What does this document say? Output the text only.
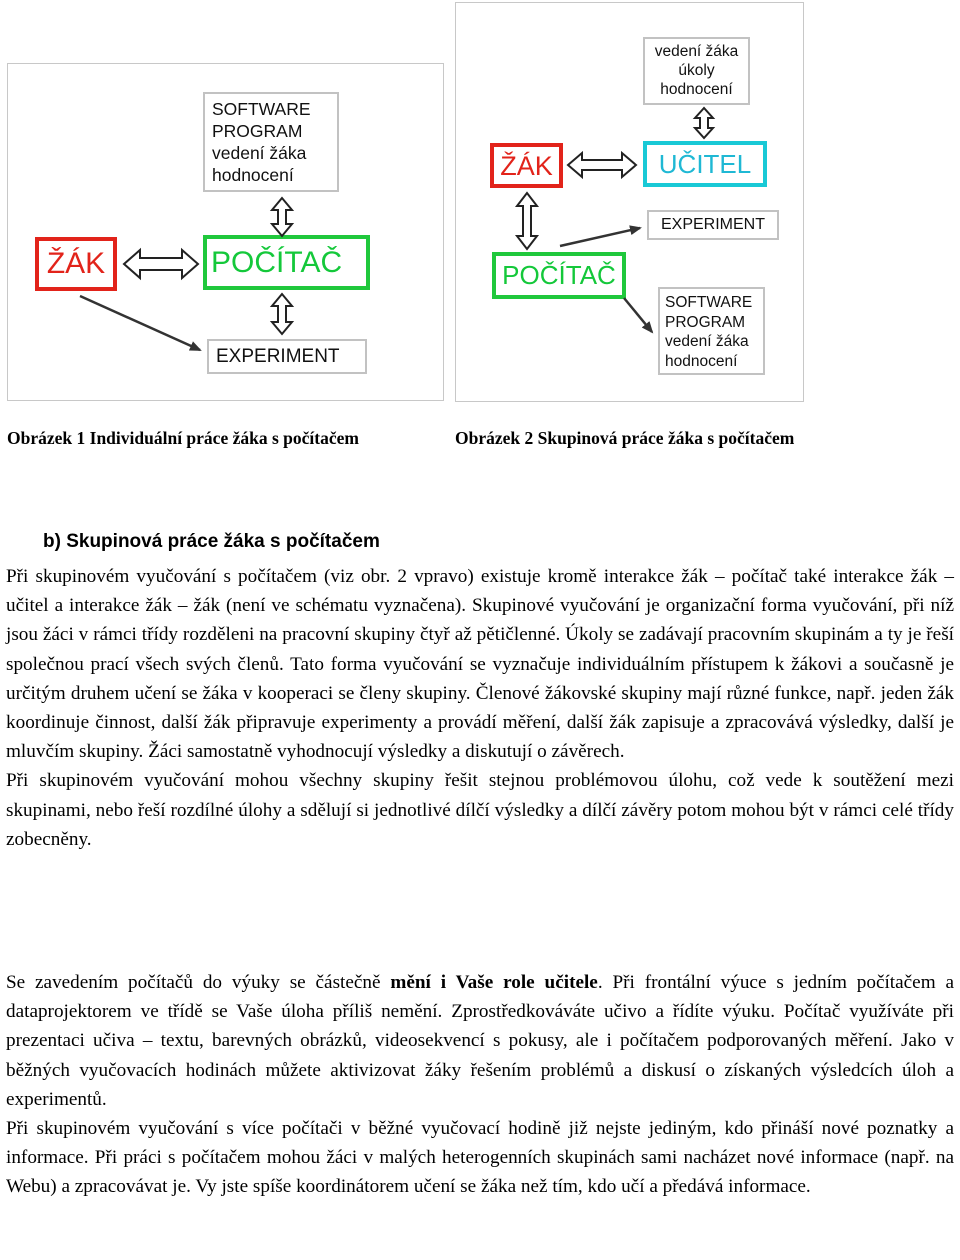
SOFTWARE
PROGRAM
vedení žáka
hodnocení
ŽÁK	POČÍTAČ
EXPERIMENT
vedení žáka
úkoly
hodnocení
ŽÁK	UČITEL
EXPERIMENT
POČÍTAČ
SOFTWARE
PROGRAM
vedení žáka
hodnocení
Obrázek 1 Individuální práce žáka s počítačem	Obrázek 2 Skupinová práce žáka s počítačem
b) Skupinová práce žáka s počítačem

Při skupinovém vyučování s počítačem (viz obr. 2 vpravo) existuje kromě interakce žák – počítač také interakce žák – učitel a interakce žák – žák (není ve schématu vyznačena). Skupinové vyučování je organizační forma vyučování, při níž jsou žáci v rámci třídy rozděleni na pracovní skupiny čtyř až pětičlenné. Úkoly se zadávají pracovním skupinám a ty je řeší společnou prací všech svých členů. Tato forma vyučování se vyznačuje individuálním přístupem k žákovi a současně je určitým druhem učení se žáka v kooperaci se členy skupiny. Členové žákovské skupiny mají různé funkce, např. jeden žák koordinuje činnost, další žák připravuje experimenty a provádí měření, další žák zapisuje a zpracovává výsledky, další je mluvčím skupiny. Žáci samostatně vyhodnocují výsledky a diskutují o závěrech.

Při skupinovém vyučování mohou všechny skupiny řešit stejnou problémovou úlohu, což vede k soutěžení mezi skupinami, nebo řeší rozdílné úlohy a sdělují si jednotlivé dílčí výsledky a dílčí závěry potom mohou být v rámci celé třídy zobecněny.

Se zavedením počítačů do výuky se částečně mění i Vaše role učitele. Při frontální výuce s jedním počítačem a dataprojektorem ve třídě se Vaše úloha příliš nemění. Zprostředkováváte učivo a řídíte výuku. Počítač využíváte při prezentaci učiva – textu, barevných obrázků, videosekvencí s pokusy, ale i počítačem podporovaných měření. Jako v běžných vyučovacích hodinách můžete aktivizovat žáky řešením problémů a diskusí o získaných výsledcích úloh a experimentů.

Při skupinovém vyučování s více počítači v běžné vyučovací hodině již nejste jediným, kdo přináší nové poznatky a informace. Při práci s počítačem mohou žáci v malých heterogenních skupinách sami nacházet nové informace (např. na Webu) a zpracovávat je. Vy jste spíše koordinátorem učení se žáka než tím, kdo učí a předává informace.
